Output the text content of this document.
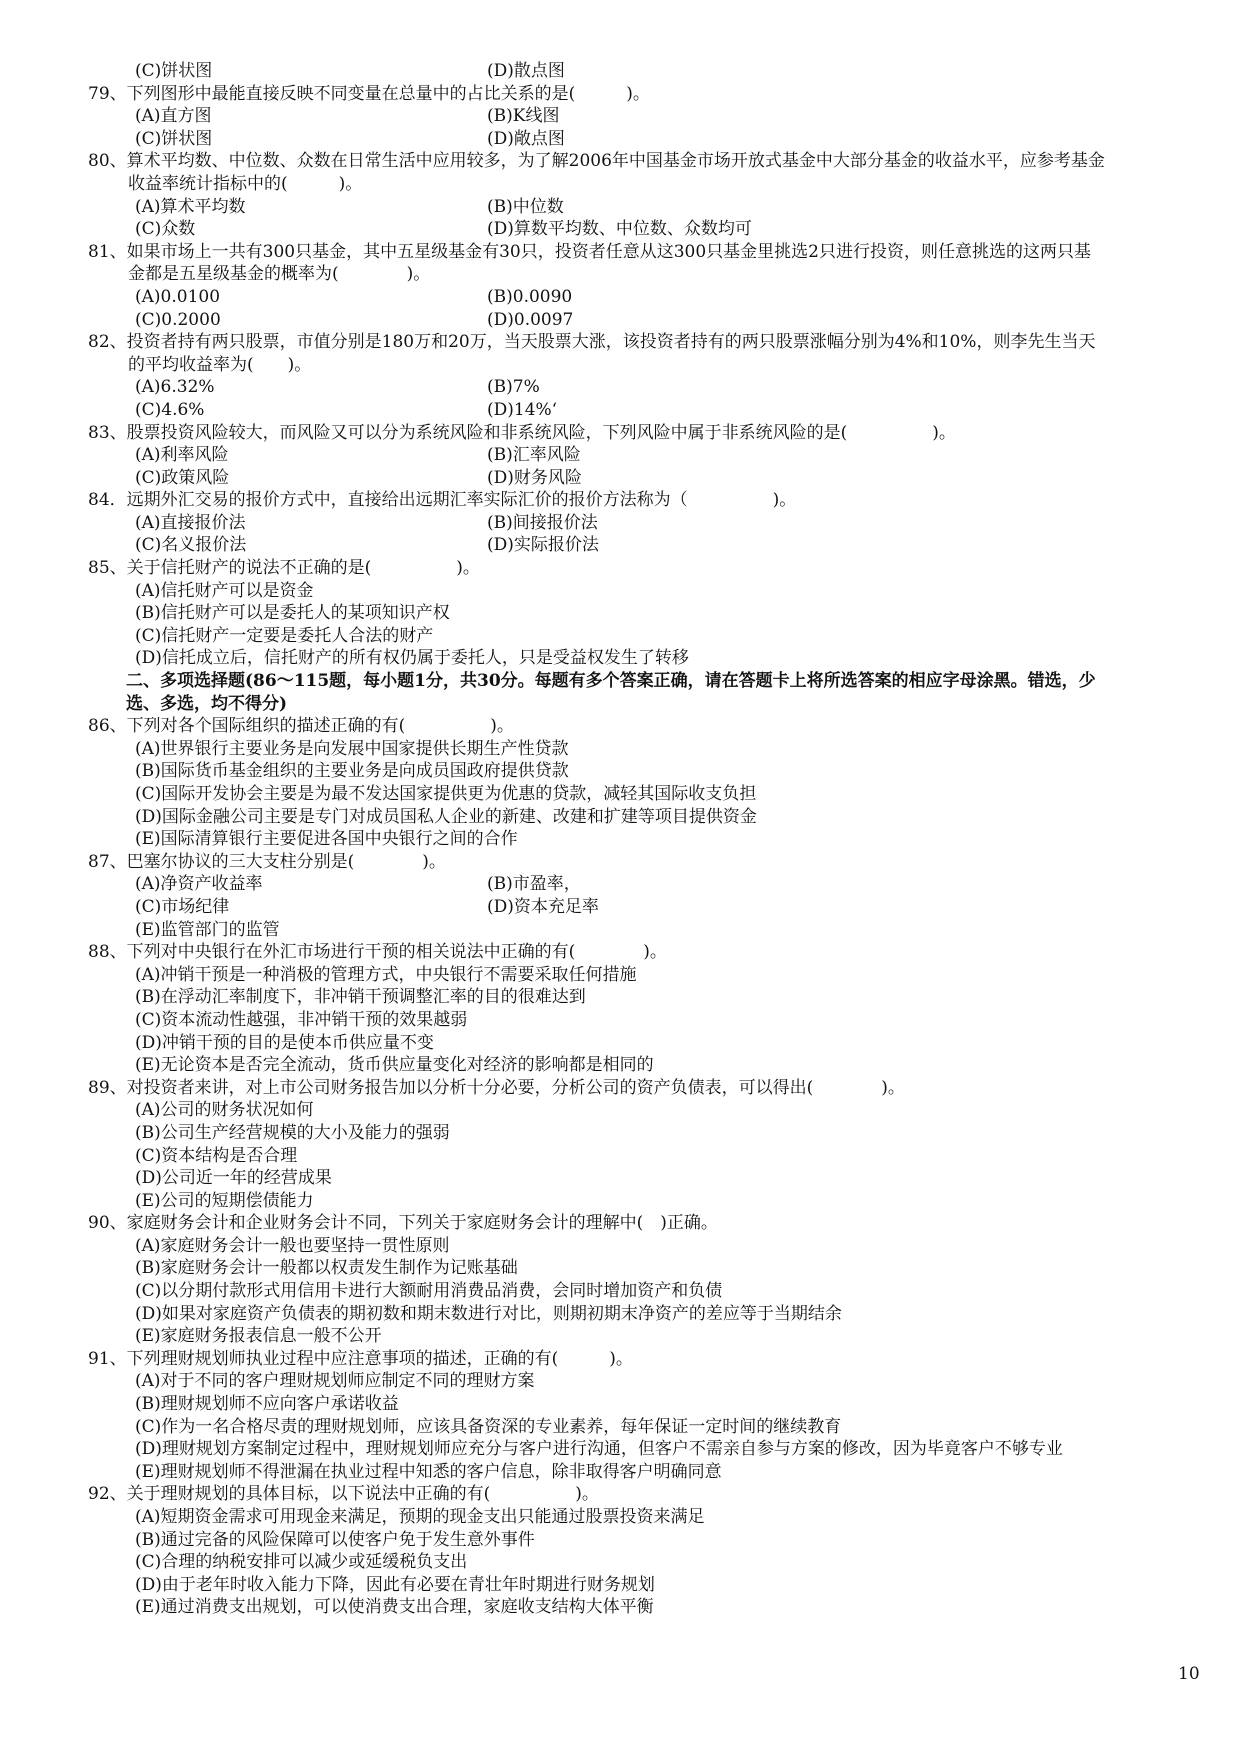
(C)饼状图	(D)散点图
79、下列图形中最能直接反映不同变量在总量中的占比关系的是(　　　)。
(A)直方图	(B)K线图
(C)饼状图	(D)敞点图
80、算术平均数、中位数、众数在日常生活中应用较多，为了解2006年中国基金市场开放式基金中大部分基金的收益水平，应参考基金
收益率统计指标中的(　　　)。
(A)算术平均数	(B)中位数
(C)众数	(D)算数平均数、中位数、众数均可
81、如果市场上一共有300只基金，其中五星级基金有30只，投资者任意从这300只基金里挑选2只进行投资，则任意挑选的这两只基
金都是五星级基金的概率为(　　　　)。
(A)0.0100	(B)0.0090
(C)0.2000	(D)0.0097
82、投资者持有两只股票，市值分别是180万和20万，当天股票大涨，该投资者持有的两只股票涨幅分别为4%和10%，则李先生当天
的平均收益率为(　　)。
(A)6.32%	(B)7%
(C)4.6%	(D)14%‘
83、股票投资风险较大，而风险又可以分为系统风险和非系统风险，下列风险中属于非系统风险的是(　　　　　)。
(A)利率风险	(B)汇率风险
(C)政策风险	(D)财务风险
84．远期外汇交易的报价方式中，直接给出远期汇率实际汇价的报价方法称为（　　　　　)。
(A)直接报价法	(B)间接报价法
(C)名义报价法	(D)实际报价法
85、关于信托财产的说法不正确的是(　　　　　)。
(A)信托财产可以是资金
(B)信托财产可以是委托人的某项知识产权
(C)信托财产一定要是委托人合法的财产
(D)信托成立后，信托财产的所有权仍属于委托人，只是受益权发生了转移
二、多项选择题(86～115题，每小题1分，共30分。每题有多个答案正确，请在答题卡上将所选答案的相应字母涂黑。错选，少
选、多选，均不得分)
86、下列对各个国际组织的描述正确的有(　　　　　)。
(A)世界银行主要业务是向发展中国家提供长期生产性贷款
(B)国际货币基金组织的主要业务是向成员国政府提供贷款
(C)国际开发协会主要是为最不发达国家提供更为优惠的贷款，减轻其国际收支负担
(D)国际金融公司主要是专门对成员国私人企业的新建、改建和扩建等项目提供资金
(E)国际清算银行主要促进各国中央银行之间的合作
87、巴塞尔协议的三大支柱分别是(　　　　)。
(A)净资产收益率	(B)市盈率，
(C)市场纪律	(D)资本充足率
(E)监管部门的监管
88、下列对中央银行在外汇市场进行干预的相关说法中正确的有(　　　　)。
(A)冲销干预是一种消极的管理方式，中央银行不需要采取任何措施
(B)在浮动汇率制度下，非冲销干预调整汇率的目的很难达到
(C)资本流动性越强，非冲销干预的效果越弱
(D)冲销干预的目的是使本币供应量不变
(E)无论资本是否完全流动，货币供应量变化对经济的影响都是相同的
89、对投资者来讲，对上市公司财务报告加以分析十分必要，分析公司的资产负债表，可以得出(　　　　)。
(A)公司的财务状况如何
(B)公司生产经营规模的大小及能力的强弱
(C)资本结构是否合理
(D)公司近一年的经营成果
(E)公司的短期偿债能力
90、家庭财务会计和企业财务会计不同，下列关于家庭财务会计的理解中(　)正确。
(A)家庭财务会计一般也要坚持一贯性原则
(B)家庭财务会计一般都以权责发生制作为记账基础
(C)以分期付款形式用信用卡进行大额耐用消费品消费，会同时增加资产和负债
(D)如果对家庭资产负债表的期初数和期末数进行对比，则期初期末净资产的差应等于当期结余
(E)家庭财务报表信息一般不公开
91、下列理财规划师执业过程中应注意事项的描述，正确的有(　　　)。
(A)对于不同的客户理财规划师应制定不同的理财方案
(B)理财规划师不应向客户承诺收益
(C)作为一名合格尽责的理财规划师，应该具备资深的专业素养，每年保证一定时间的继续教育
(D)理财规划方案制定过程中，理财规划师应充分与客户进行沟通，但客户不需亲自参与方案的修改，因为毕竟客户不够专业
(E)理财规划师不得泄漏在执业过程中知悉的客户信息，除非取得客户明确同意
92、关于理财规划的具体目标，以下说法中正确的有(　　　　　)。
(A)短期资金需求可用现金来满足，预期的现金支出只能通过股票投资来满足
(B)通过完备的风险保障可以使客户免于发生意外事件
(C)合理的纳税安排可以减少或延缓税负支出
(D)由于老年时收入能力下降，因此有必要在青壮年时期进行财务规划
(E)通过消费支出规划，可以使消费支出合理，家庭收支结构大体平衡
10
